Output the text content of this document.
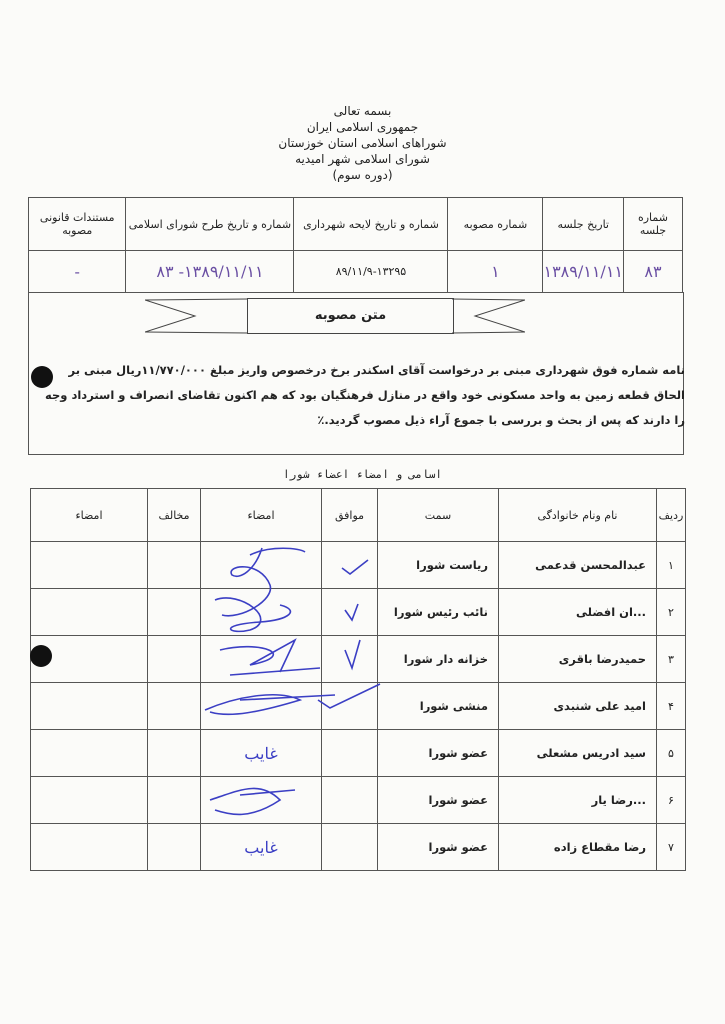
بسمه تعالی
جمهوری اسلامی ایران
شوراهای اسلامی استان خوزستان
شورای اسلامی شهر امیدیه
(دوره سوم)
شماره جلسه	تاریخ جلسه	شماره مصوبه	شماره و تاریخ لایحه شهرداری	شماره و تاریخ طرح شورای اسلامی	مستندات قانونی مصوبه
۸۳	۱۳۸۹/۱۱/۱۱	۱	۸۹/۱۱/۹-۱۳۲۹۵	۱۳۸۹/۱۱/۱۱- ۸۳	-
متن مصوبه
نامه شماره فوق شهرداری مبنی بر درخواست آقای اسکندر برخ درخصوص واریز مبلغ ۱۱/۷۷۰/۰۰۰ریال مبنی بر الحاق قطعه زمین به واحد مسکونی خود واقع در منازل فرهنگیان بود که هم اکنون تقاضای انصراف و استرداد وجه را دارند که پس از بحث و بررسی با جموع آراء ذیل مصوب گردید.٪
اسامی و امضاء اعضاء شورا
ردیف	نام ونام خانوادگی	سمت	موافق	امضاء	مخالف	امضاء
۱	عبدالمحسن قدعمی	ریاست شورا				
۲	...ان افضلی	نائب رئیس شورا				
۳	حمیدرضا باقری	خزانه دار شورا				
۴	امید علی شنبدی	منشی شورا				
۵	سید ادریس مشعلی	عضو شورا		غایب		
۶	...رضا یار	عضو شورا				
۷	رضا مقطاع زاده	عضو شورا		غایب		
